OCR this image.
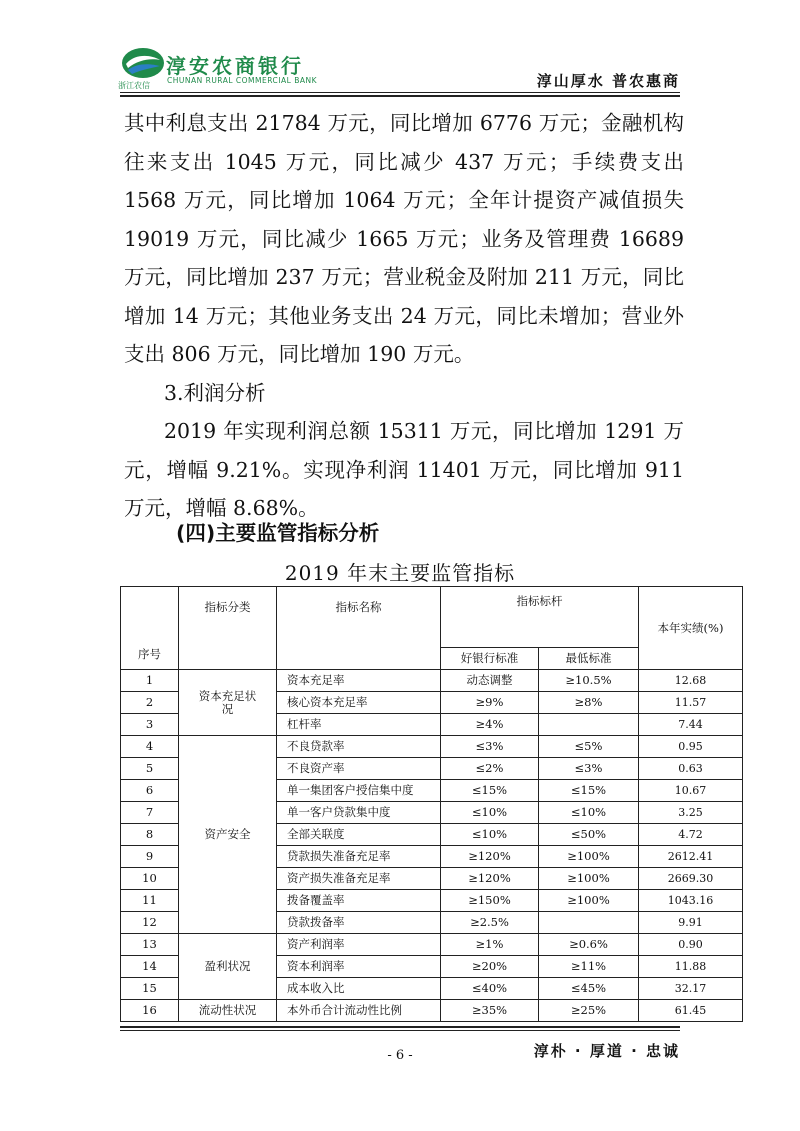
浙江农信
淳安农商银行
CHUNAN RURAL COMMERCIAL BANK	淳山厚水 普农惠商

其中利息支出 21784 万元，同比增加 6776 万元；金融机构往来支出 1045 万元，同比减少 437 万元；手续费支出 1568 万元，同比增加 1064 万元；全年计提资产减值损失 19019 万元，同比减少 1665 万元；业务及管理费 16689 万元，同比增加 237 万元；营业税金及附加 211 万元，同比增加 14 万元；其他业务支出 24 万元，同比未增加；营业外支出 806 万元，同比增加 190 万元。

3.利润分析

2019 年实现利润总额 15311 万元，同比增加 1291 万元，增幅 9.21%。实现净利润 11401 万元，同比增加 911 万元，增幅 8.68%。

(四)主要监管指标分析
2019 年末主要监管指标
序号	指标分类	指标名称	指标标杆		本年实绩(%)
			好银行标准	最低标准	
1	资本充足状况	资本充足率	动态调整	≥10.5%	12.68
2		核心资本充足率	≥9%	≥8%	11.57
3		杠杆率	≥4%		7.44
4	资产安全	不良贷款率	≤3%	≤5%	0.95
5		不良资产率	≤2%	≤3%	0.63
6		单一集团客户授信集中度	≤15%	≤15%	10.67
7		单一客户贷款集中度	≤10%	≤10%	3.25
8		全部关联度	≤10%	≤50%	4.72
9		贷款损失准备充足率	≥120%	≥100%	2612.41
10		资产损失准备充足率	≥120%	≥100%	2669.30
11		拨备覆盖率	≥150%	≥100%	1043.16
12		贷款拨备率	≥2.5%		9.91
13	盈利状况	资产利润率	≥1%	≥0.6%	0.90
14		资本利润率	≥20%	≥11%	11.88
15		成本收入比	≤40%	≤45%	32.17
16	流动性状况	本外币合计流动性比例	≥35%	≥25%	61.45
- 6 -	淳朴 · 厚道 · 忠诚
